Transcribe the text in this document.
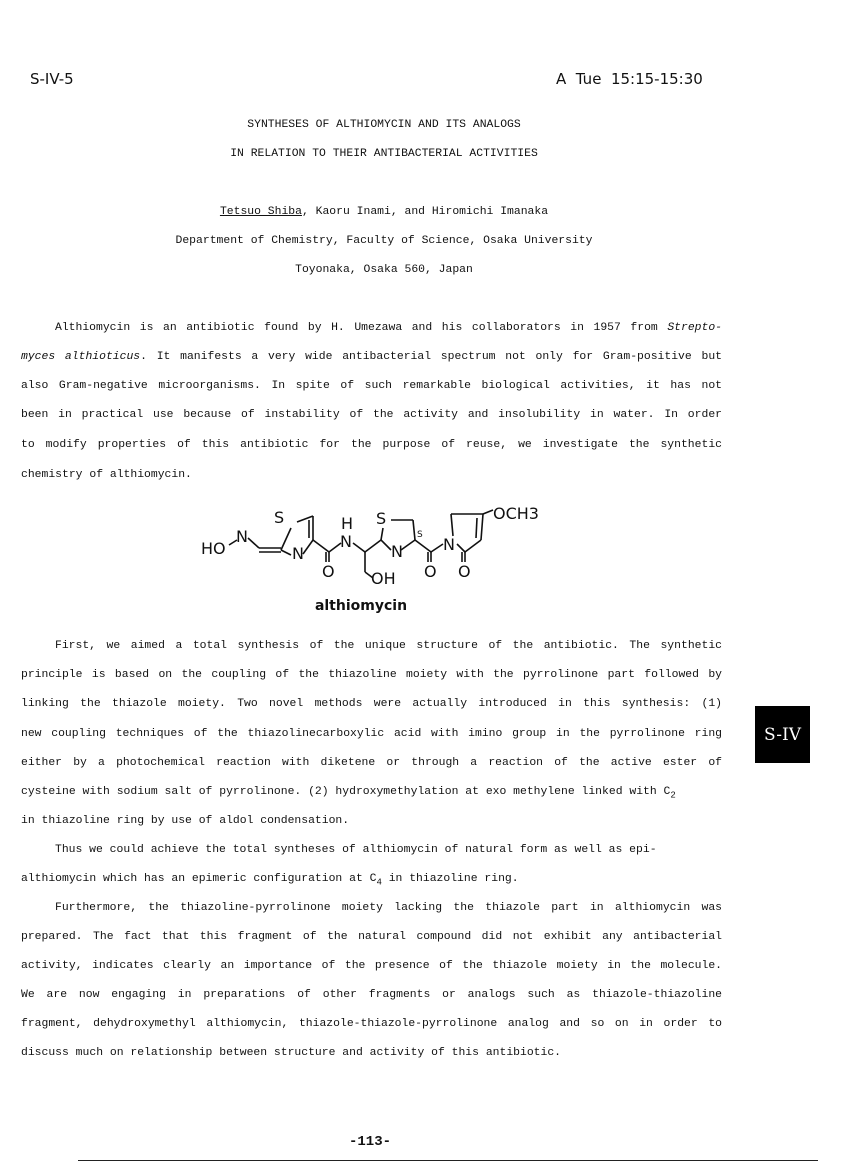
S-IV-5	A  Tue  15:15-15:30
SYNTHESES OF ALTHIOMYCIN AND ITS ANALOGS
IN RELATION TO THEIR ANTIBACTERIAL ACTIVITIES
Tetsuo Shiba, Kaoru Inami, and Hiromichi Imanaka
Department of Chemistry, Faculty of Science, Osaka University
Toyonaka, Osaka 560, Japan
Althiomycin is an antibiotic found by H. Umezawa and his collaborators in 1957 from Strepto-
myces althioticus. It manifests a very wide antibacterial spectrum not only for Gram-positive but
also Gram-negative microorganisms. In spite of such remarkable biological activities, it has not
been in practical use because of instability of the activity and insolubility in water. In order
to modify properties of this antibiotic for the purpose of reuse, we investigate the synthetic
chemistry of althiomycin.
HO
N
S
N
O
H
N
S
N
OH O
N
O
OCH3
S
althiomycin
First, we aimed a total synthesis of the unique structure of the antibiotic. The synthetic
principle is based on the coupling of the thiazoline moiety with the pyrrolinone part followed by
linking the thiazole moiety. Two novel methods were actually introduced in this synthesis: (1)
new coupling techniques of the thiazolinecarboxylic acid with imino group in the pyrrolinone ring
either by a photochemical reaction with diketene or through a reaction of the active ester of
cysteine with sodium salt of pyrrolinone. (2) hydroxymethylation at exo methylene linked with $C_2$
in thiazoline ring by use of aldol condensation.
Thus we could achieve the total syntheses of althiomycin of natural form as well as epi-
althiomycin which has an epimeric configuration at $C_4$ in thiazoline ring.
Furthermore, the thiazoline-pyrrolinone moiety lacking the thiazole part in althiomycin was
prepared. The fact that this fragment of the natural compound did not exhibit any antibacterial
activity, indicates clearly an importance of the presence of the thiazole moiety in the molecule.
We are now engaging in preparations of other fragments or analogs such as thiazole-thiazoline
fragment, dehydroxymethyl althiomycin, thiazole-thiazole-pyrrolinone analog and so on in order to
discuss much on relationship between structure and activity of this antibiotic.
S-IV
-113-
